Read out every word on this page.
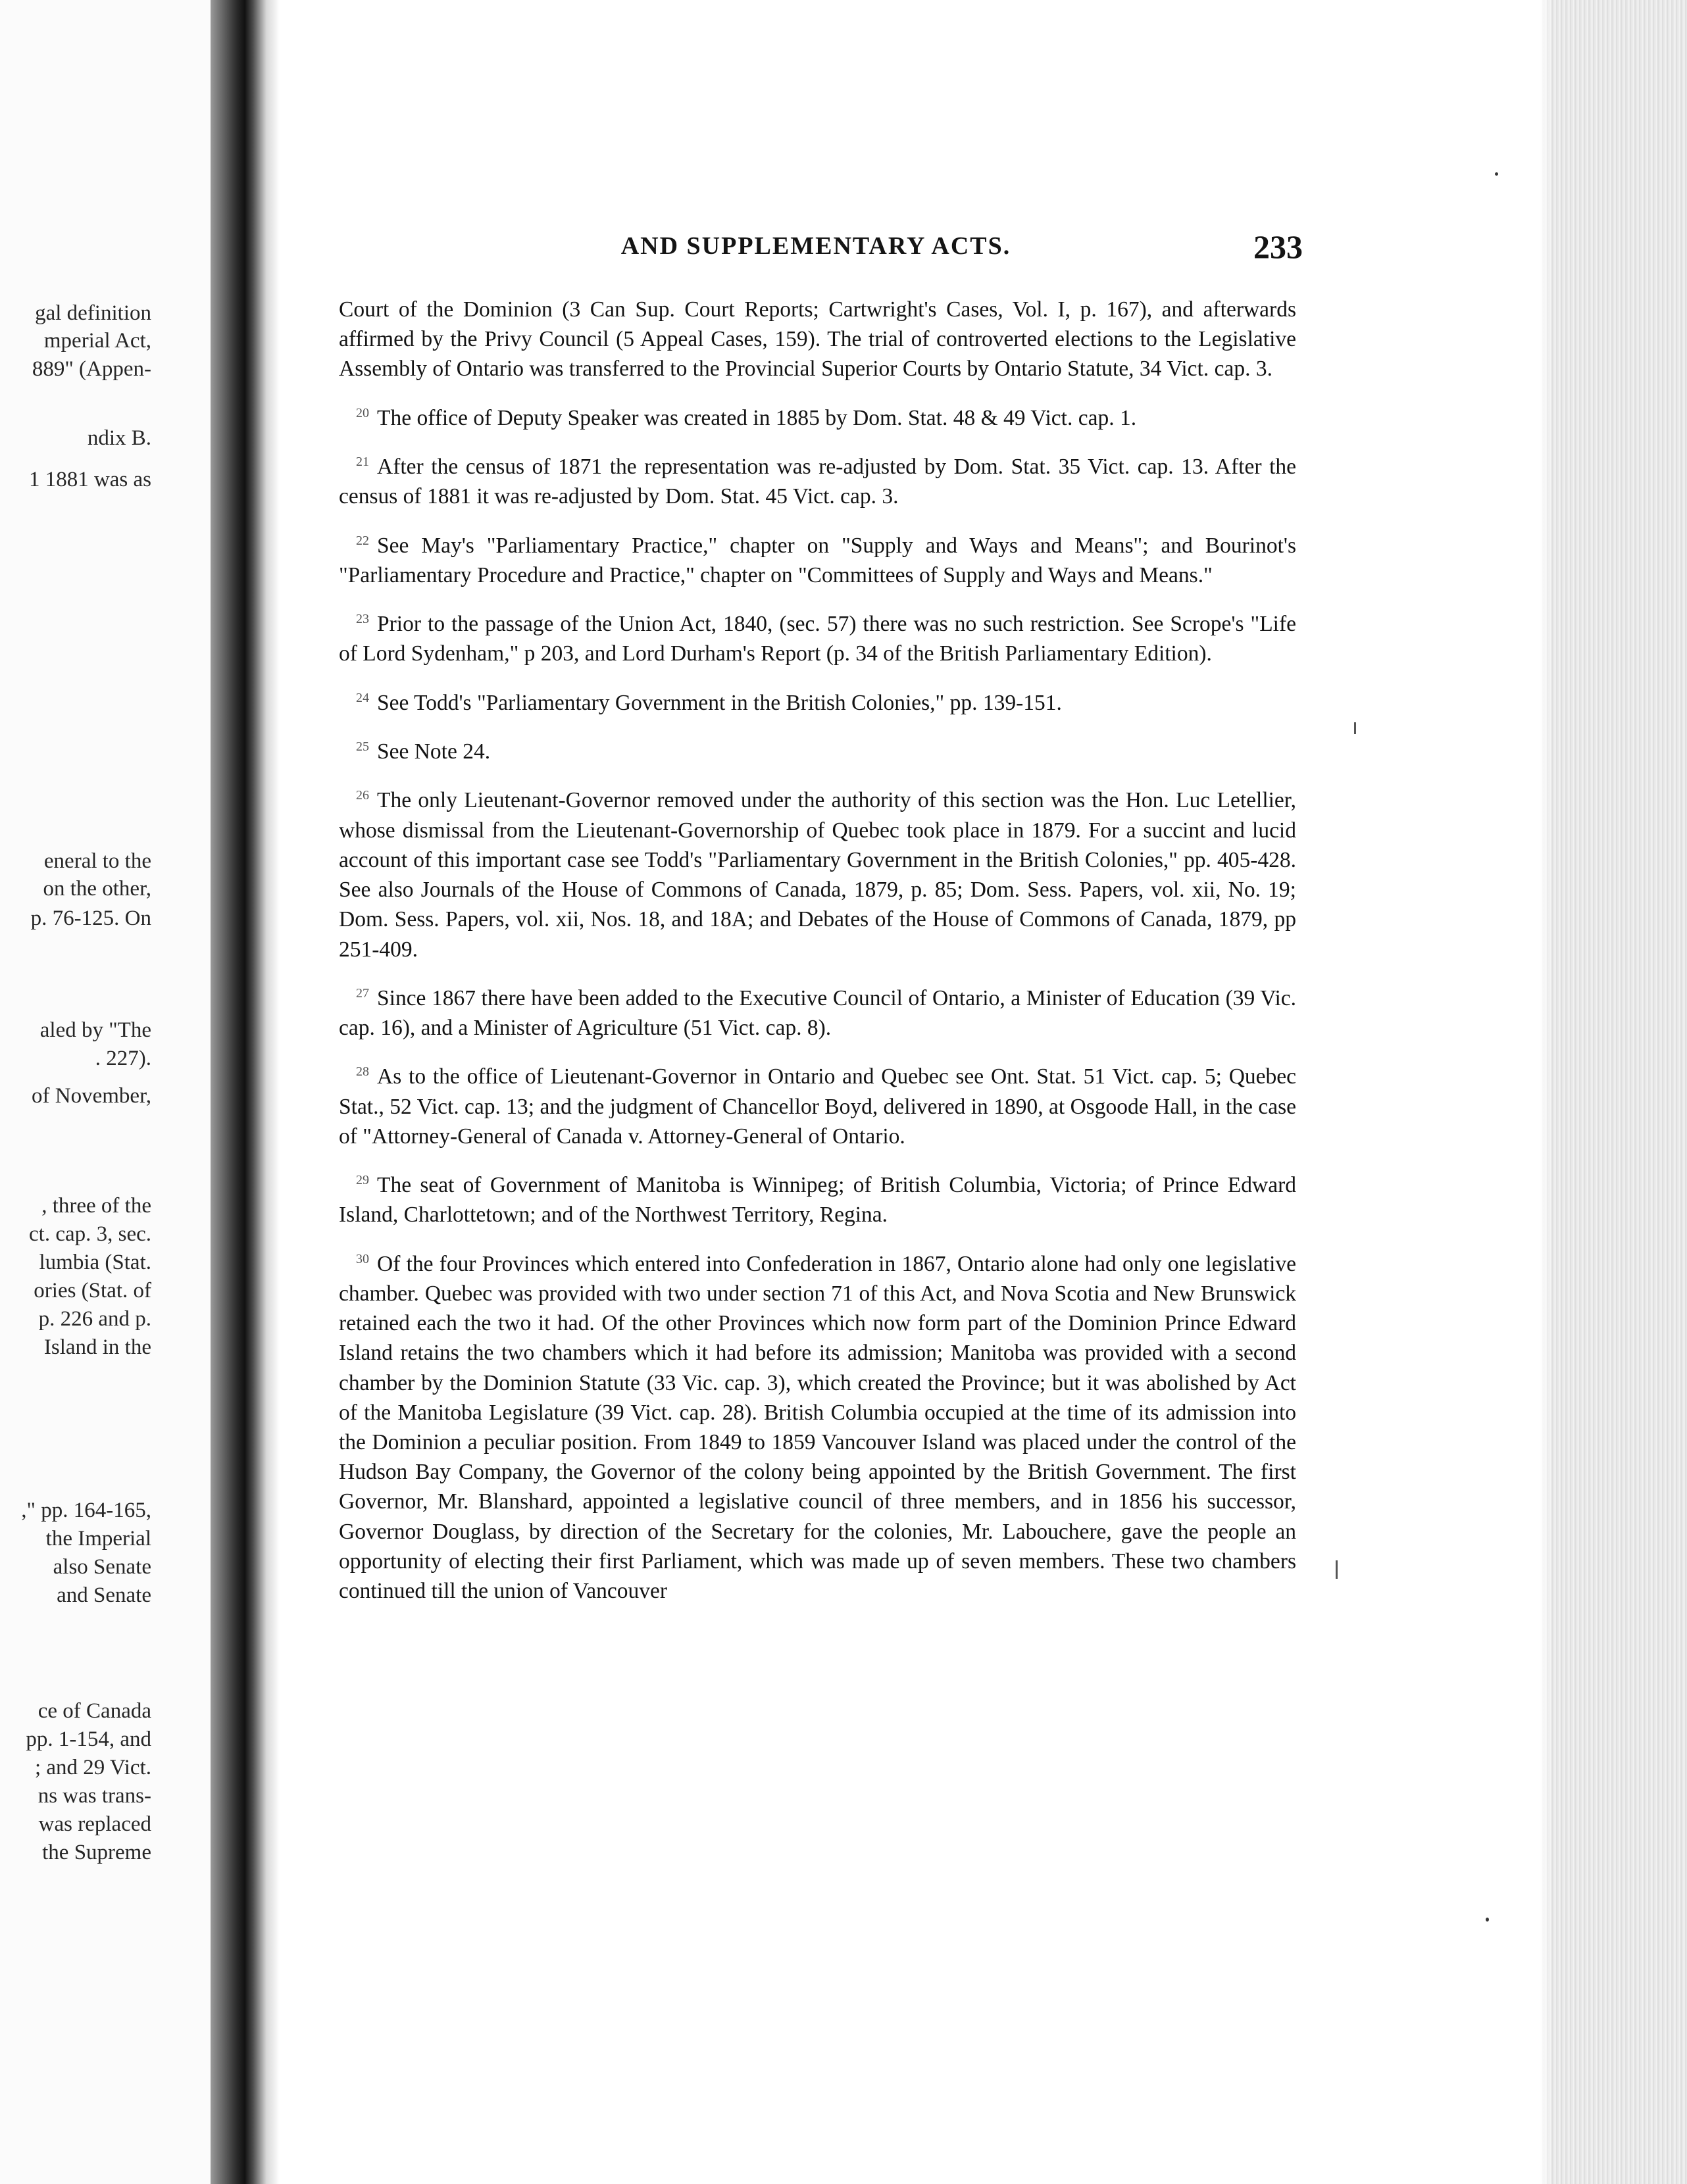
gal definition
mperial Act,
889" (Appen-
ndix B.
1 1881 was as
eneral to the
on the other,
p. 76-125. On
aled by "The
. 227).
of November,
, three of the
ct. cap. 3, sec.
lumbia (Stat.
ories (Stat. of
p. 226 and p.
Island in the
," pp. 164-165,
the Imperial
also Senate
and Senate
ce of Canada
pp. 1-154, and
; and 29 Vict.
ns was trans-
was replaced
the Supreme
AND SUPPLEMENTARY ACTS.	233

Court of the Dominion (3 Can Sup. Court Reports; Cartwright's Cases, Vol. I, p. 167), and afterwards affirmed by the Privy Council (5 Appeal Cases, 159). The trial of controverted elections to the Legislative Assembly of Ontario was transferred to the Provincial Superior Courts by Ontario Statute, 34 Vict. cap. 3.

20 The office of Deputy Speaker was created in 1885 by Dom. Stat. 48 & 49 Vict. cap. 1.

21 After the census of 1871 the representation was re-adjusted by Dom. Stat. 35 Vict. cap. 13. After the census of 1881 it was re-adjusted by Dom. Stat. 45 Vict. cap. 3.

22 See May's "Parliamentary Practice," chapter on "Supply and Ways and Means"; and Bourinot's "Parliamentary Procedure and Practice," chapter on "Committees of Supply and Ways and Means."

23 Prior to the passage of the Union Act, 1840, (sec. 57) there was no such restriction. See Scrope's "Life of Lord Sydenham," p 203, and Lord Durham's Report (p. 34 of the British Parliamentary Edition).

24 See Todd's "Parliamentary Government in the British Colonies," pp. 139-151.

25 See Note 24.

26 The only Lieutenant-Governor removed under the authority of this section was the Hon. Luc Letellier, whose dismissal from the Lieutenant-Governorship of Quebec took place in 1879. For a succint and lucid account of this important case see Todd's "Parliamentary Government in the British Colonies," pp. 405-428. See also Journals of the House of Commons of Canada, 1879, p. 85; Dom. Sess. Papers, vol. xii, No. 19; Dom. Sess. Papers, vol. xii, Nos. 18, and 18A; and Debates of the House of Commons of Canada, 1879, pp 251-409.

27 Since 1867 there have been added to the Executive Council of Ontario, a Minister of Education (39 Vic. cap. 16), and a Minister of Agriculture (51 Vict. cap. 8).

28 As to the office of Lieutenant-Governor in Ontario and Quebec see Ont. Stat. 51 Vict. cap. 5; Quebec Stat., 52 Vict. cap. 13; and the judgment of Chancellor Boyd, delivered in 1890, at Osgoode Hall, in the case of "Attorney-General of Canada v. Attorney-General of Ontario.

29 The seat of Government of Manitoba is Winnipeg; of British Columbia, Victoria; of Prince Edward Island, Charlottetown; and of the Northwest Territory, Regina.

30 Of the four Provinces which entered into Confederation in 1867, Ontario alone had only one legislative chamber. Quebec was provided with two under section 71 of this Act, and Nova Scotia and New Brunswick retained each the two it had. Of the other Provinces which now form part of the Dominion Prince Edward Island retains the two chambers which it had before its admission; Manitoba was provided with a second chamber by the Dominion Statute (33 Vic. cap. 3), which created the Province; but it was abolished by Act of the Manitoba Legislature (39 Vict. cap. 28). British Columbia occupied at the time of its admission into the Dominion a peculiar position. From 1849 to 1859 Vancouver Island was placed under the control of the Hudson Bay Company, the Governor of the colony being appointed by the British Government. The first Governor, Mr. Blanshard, appointed a legislative council of three members, and in 1856 his successor, Governor Douglass, by direction of the Secretary for the colonies, Mr. Labouchere, gave the people an opportunity of electing their first Parliament, which was made up of seven members. These two chambers continued till the union of Vancouver
